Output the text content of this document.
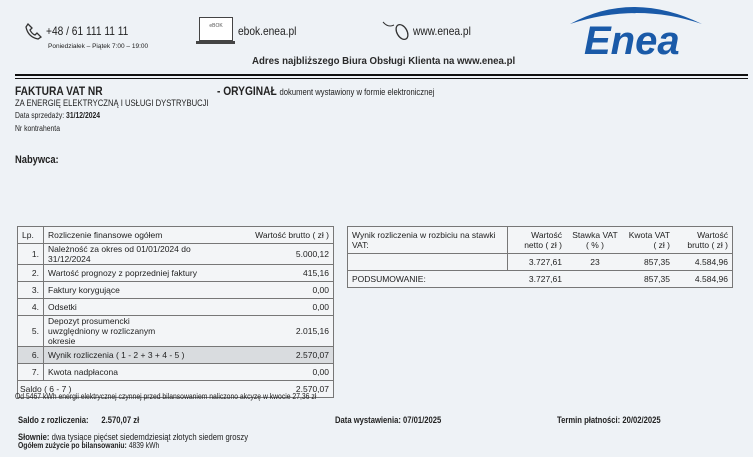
+48 / 61 111 11 11
Poniedziałek – Piątek 7:00 – 19:00
eBOK	ebok.enea.pl	www.enea.pl	Enea
Adres najbliższego Biura Obsługi Klienta na www.enea.pl
FAKTURA VAT NR	- ORYGINAŁ dokument wystawiony w formie elektronicznej
ZA ENERGIĘ ELEKTRYCZNĄ I USŁUGI DYSTRYBUCJI
Data sprzedaży: 31/12/2024
Nr kontrahenta
Nabywca:
Lp.	Rozliczenie finansowe ogółem	Wartość brutto ( zł )
1.	Należność za okres od 01/01/2024 do 31/12/2024	5.000,12
2.	Wartość prognozy z poprzedniej faktury	415,16
3.	Faktury korygujące	0,00
4.	Odsetki	0,00
5.	Depozyt prosumencki uwzględniony w rozliczanym okresie	2.015,16
6.	Wynik rozliczenia ( 1 - 2 + 3 + 4 - 5 )	2.570,07
7.	Kwota nadpłacona	0,00
Saldo ( 6 - 7 )		2.570,07
Wynik rozliczenia w rozbiciu na stawki VAT:	Wartość netto ( zł )	Stawka VAT ( % )	Kwota VAT ( zł )	Wartość brutto ( zł )
	3.727,61	23	857,35	4.584,96
PODSUMOWANIE:	3.727,61		857,35	4.584,96
Od 5467 kWh energii elektrycznej czynnej przed bilansowaniem naliczono akcyzę w kwocie 27,36 zł
Saldo z rozliczenia: 2.570,07 zł	Data wystawienia: 07/01/2025	Termin płatności: 20/02/2025
Słownie: dwa tysiące pięćset siedemdziesiąt złotych siedem groszy
Ogółem zużycie po bilansowaniu: 4839 kWh
